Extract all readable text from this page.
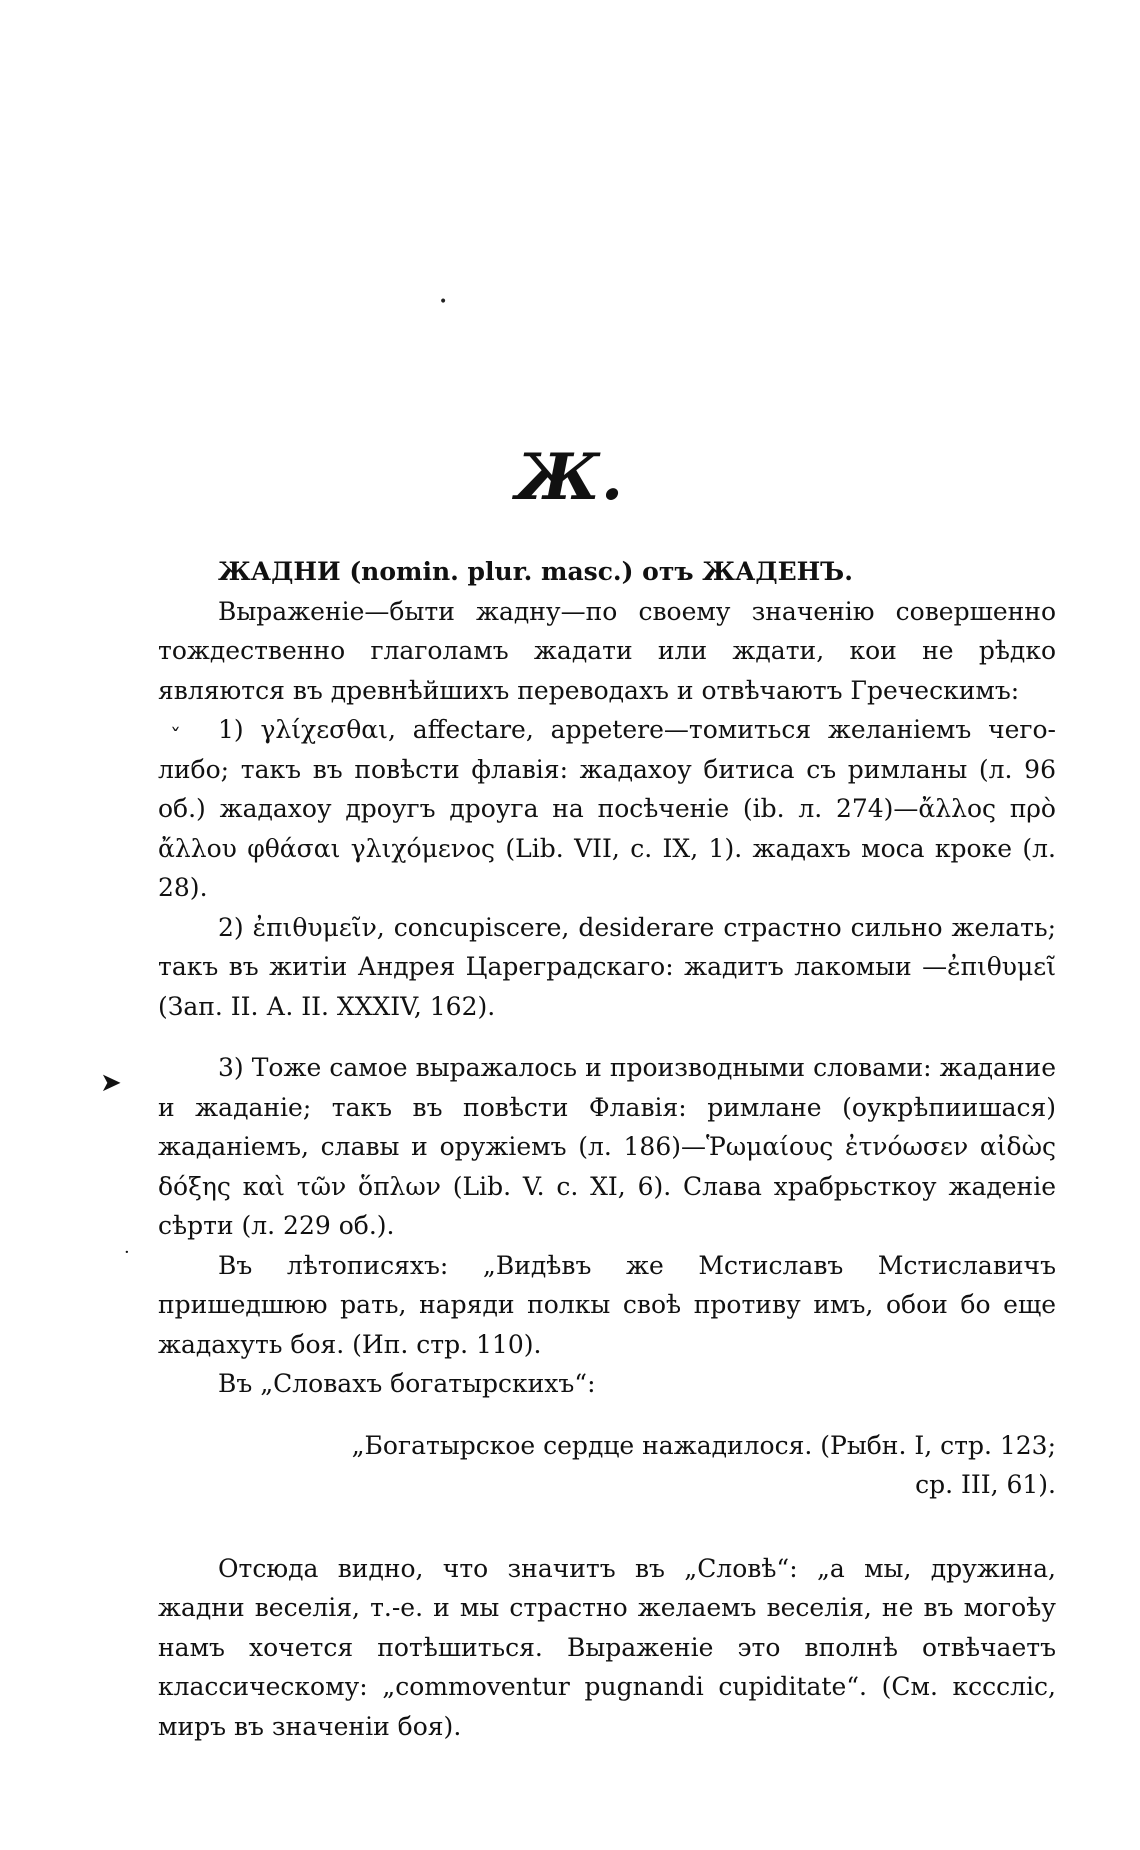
•
Ж.

ЖАДНИ (nomin. plur. masc.) отъ ЖАДЕНЪ.

Выраженіе—быти жадну—по своему значенію совершенно тождественно глаголамъ жадати или ждати, кои не рѣдко являются въ древнѣйшихъ переводахъ и отвѣчаютъ Греческимъ:

1) γλίχεσθαι, affectare, appetere—томиться желаніемъ чего-либо; такъ въ повѣсти флавія: жадахоу битиса съ римланы (л. 96 об.) жадахоу дроугъ дроуга на посѣченіе (ib. л. 274)—ἄλλος πρὸ ἄλλου φθάσαι γλιχόμενος (Lib. VII, c. IX, 1). жадахъ моса кроке (л. 28).

2) ἐπιθυμεῖν, concupiscere, desiderare страстно сильно желать; такъ въ житіи Андрея Цареградскаго: жадитъ лакомыи —ἐπιθυμεῖ (Зап. II. А. II. XXXIV, 162).

3) Тоже самое выражалось и производными словами: жадание и жаданіе; такъ въ повѣсти Флавія: римлане (оукрѣпиишася) жаданіемъ, славы и оружіемъ (л. 186)—Ῥωμαίους ἐτνόωσεν αἰδὼς δόξης καὶ τῶν ὅπλων (Lib. V. c. XI, 6). Слава храбрьсткоу жаденіе сѣрти (л. 229 об.).

Въ лѣтописяхъ: „Видѣвъ же Мстиславъ Мстиславичъ пришедшюю рать, наряди полкы своѣ противу имъ, обои бо еще жадахуть боя. (Ип. стр. 110).

Въ „Словахъ богатырскихъ“:

„Богатырское сердце нажадилося. (Рыбн. I, стр. 123; ср. III, 61).

Отсюда видно, что значитъ въ „Словѣ“: „а мы, дружина, жадни веселія, т.-е. и мы страстно желаемъ веселія, не въ могоѣу намъ хочется потѣшиться. Выраженіе это вполнѣ отвѣчаетъ классическому: „commoventur pugnandi cupiditate“. (См. ксссліс, миръ въ значеніи боя).

ˇ
➤
·
